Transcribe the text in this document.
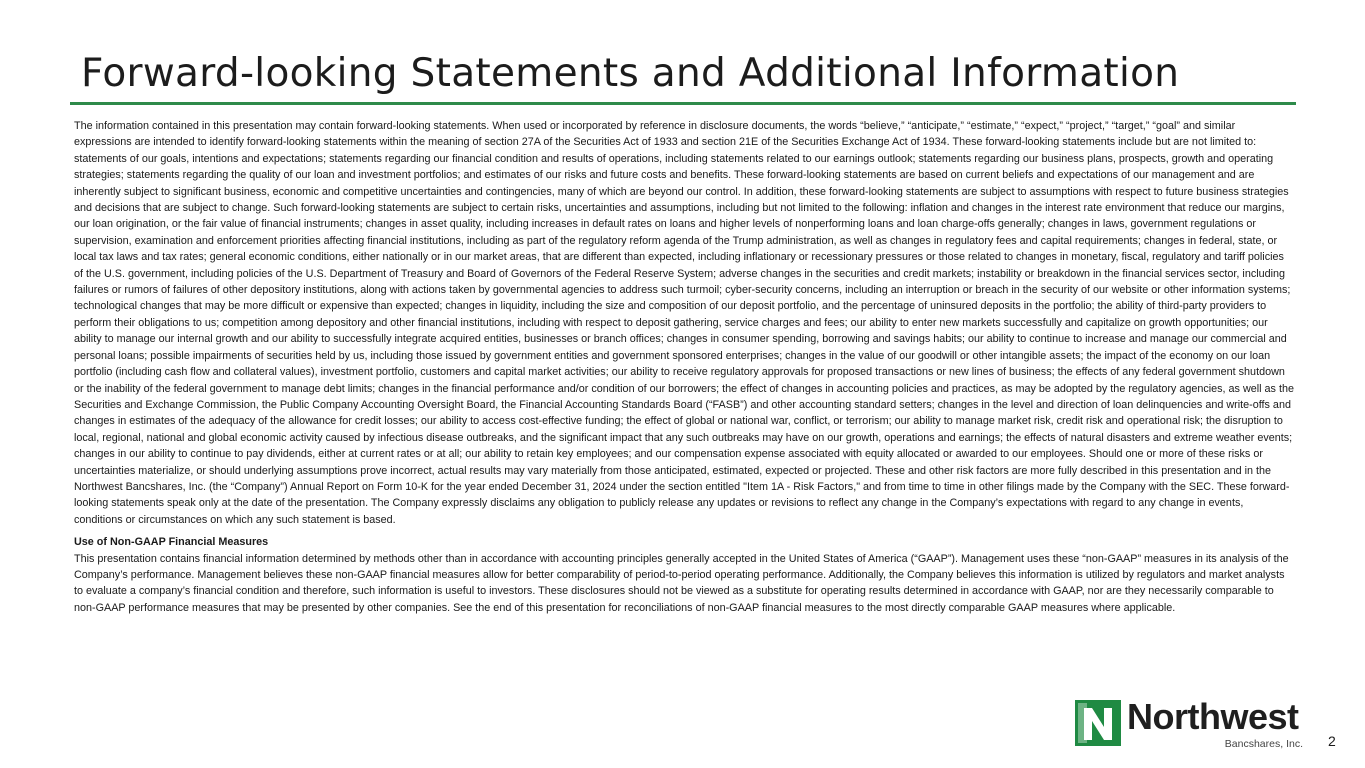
Forward-looking Statements and Additional Information

The information contained in this presentation may contain forward-looking statements. When used or incorporated by reference in disclosure documents, the words “believe,” “anticipate,” “estimate,” “expect,” “project,” “target,” “goal” and similar expressions are intended to identify forward-looking statements within the meaning of section 27A of the Securities Act of 1933 and section 21E of the Securities Exchange Act of 1934. These forward-looking statements include but are not limited to: statements of our goals, intentions and expectations; statements regarding our financial condition and results of operations, including statements related to our earnings outlook; statements regarding our business plans, prospects, growth and operating strategies; statements regarding the quality of our loan and investment portfolios; and estimates of our risks and future costs and benefits. These forward-looking statements are based on current beliefs and expectations of our management and are inherently subject to significant business, economic and competitive uncertainties and contingencies, many of which are beyond our control. In addition, these forward-looking statements are subject to assumptions with respect to future business strategies and decisions that are subject to change. Such forward-looking statements are subject to certain risks, uncertainties and assumptions, including but not limited to the following: inflation and changes in the interest rate environment that reduce our margins, our loan origination, or the fair value of financial instruments; changes in asset quality, including increases in default rates on loans and higher levels of nonperforming loans and loan charge-offs generally; changes in laws, government regulations or supervision, examination and enforcement priorities affecting financial institutions, including as part of the regulatory reform agenda of the Trump administration, as well as changes in regulatory fees and capital requirements; changes in federal, state, or local tax laws and tax rates; general economic conditions, either nationally or in our market areas, that are different than expected, including inflationary or recessionary pressures or those related to changes in monetary, fiscal, regulatory and tariff policies of the U.S. government, including policies of the U.S. Department of Treasury and Board of Governors of the Federal Reserve System; adverse changes in the securities and credit markets; instability or breakdown in the financial services sector, including failures or rumors of failures of other depository institutions, along with actions taken by governmental agencies to address such turmoil; cyber-security concerns, including an interruption or breach in the security of our website or other information systems; technological changes that may be more difficult or expensive than expected; changes in liquidity, including the size and composition of our deposit portfolio, and the percentage of uninsured deposits in the portfolio; the ability of third-party providers to perform their obligations to us; competition among depository and other financial institutions, including with respect to deposit gathering, service charges and fees; our ability to enter new markets successfully and capitalize on growth opportunities; our ability to manage our internal growth and our ability to successfully integrate acquired entities, businesses or branch offices; changes in consumer spending, borrowing and savings habits; our ability to continue to increase and manage our commercial and personal loans; possible impairments of securities held by us, including those issued by government entities and government sponsored enterprises; changes in the value of our goodwill or other intangible assets; the impact of the economy on our loan portfolio (including cash flow and collateral values), investment portfolio, customers and capital market activities; our ability to receive regulatory approvals for proposed transactions or new lines of business; the effects of any federal government shutdown or the inability of the federal government to manage debt limits; changes in the financial performance and/or condition of our borrowers; the effect of changes in accounting policies and practices, as may be adopted by the regulatory agencies, as well as the Securities and Exchange Commission, the Public Company Accounting Oversight Board, the Financial Accounting Standards Board (“FASB”) and other accounting standard setters; changes in the level and direction of loan delinquencies and write-offs and changes in estimates of the adequacy of the allowance for credit losses; our ability to access cost-effective funding; the effect of global or national war, conflict, or terrorism; our ability to manage market risk, credit risk and operational risk; the disruption to local, regional, national and global economic activity caused by infectious disease outbreaks, and the significant impact that any such outbreaks may have on our growth, operations and earnings; the effects of natural disasters and extreme weather events; changes in our ability to continue to pay dividends, either at current rates or at all; our ability to retain key employees; and our compensation expense associated with equity allocated or awarded to our employees. Should one or more of these risks or uncertainties materialize, or should underlying assumptions prove incorrect, actual results may vary materially from those anticipated, estimated, expected or projected. These and other risk factors are more fully described in this presentation and in the Northwest Bancshares, Inc. (the “Company”) Annual Report on Form 10-K for the year ended December 31, 2024 under the section entitled "Item 1A - Risk Factors," and from time to time in other filings made by the Company with the SEC. These forward-looking statements speak only at the date of the presentation. The Company expressly disclaims any obligation to publicly release any updates or revisions to reflect any change in the Company’s expectations with regard to any change in events, conditions or circumstances on which any such statement is based.

Use of Non-GAAP Financial Measures

This presentation contains financial information determined by methods other than in accordance with accounting principles generally accepted in the United States of America (“GAAP”). Management uses these “non-GAAP” measures in its analysis of the Company’s performance. Management believes these non-GAAP financial measures allow for better comparability of period-to-period operating performance. Additionally, the Company believes this information is utilized by regulators and market analysts to evaluate a company’s financial condition and therefore, such information is useful to investors. These disclosures should not be viewed as a substitute for operating results determined in accordance with GAAP, nor are they necessarily comparable to non-GAAP performance measures that may be presented by other companies. See the end of this presentation for reconciliations of non-GAAP financial measures to the most directly comparable GAAP measures where applicable.

Northwest
Bancshares, Inc. 2
